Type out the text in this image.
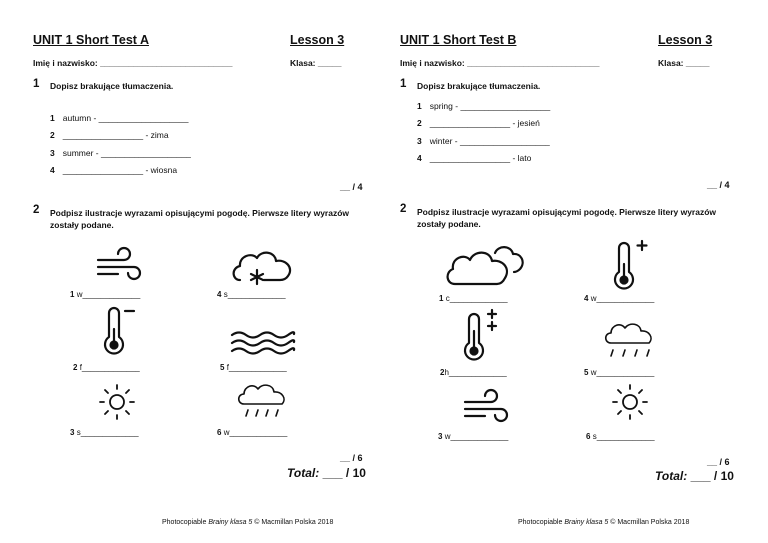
UNIT 1 Short Test A	Lesson 3
Imię i nazwisko: ____________________________	Klasa: _____
1 Dopisz brakujące tłumaczenia.
1 autumn - ___________________
2 _________________ - zima
3 summer - ___________________
4 _________________ - wiosna
__ / 4
2 Podpisz ilustracje wyrazami opisującymi pogodę. Pierwsze litery wyrazów zostały podane.
1 w_____________	4 s_____________
2 f_____________	5 f_____________
3 s_____________	6 w_____________
__ / 6
Total: ___ / 10
Photocopiable Brainy klasa 5 © Macmillan Polska 2018
UNIT 1 Short Test B	Lesson 3
Imię i nazwisko: ____________________________	Klasa: _____
1 Dopisz brakujące tłumaczenia.
1 spring - ___________________
2 _________________ - jesień
3 winter - ___________________
4 _________________ - lato
__ / 4
2 Podpisz ilustracje wyrazami opisującymi pogodę. Pierwsze litery wyrazów zostały podane.
1 c_____________	4 w_____________
2h_____________	5 w_____________
3 w_____________	6 s_____________
__ / 6
Total: ___ / 10
Photocopiable Brainy klasa 5 © Macmillan Polska 2018
